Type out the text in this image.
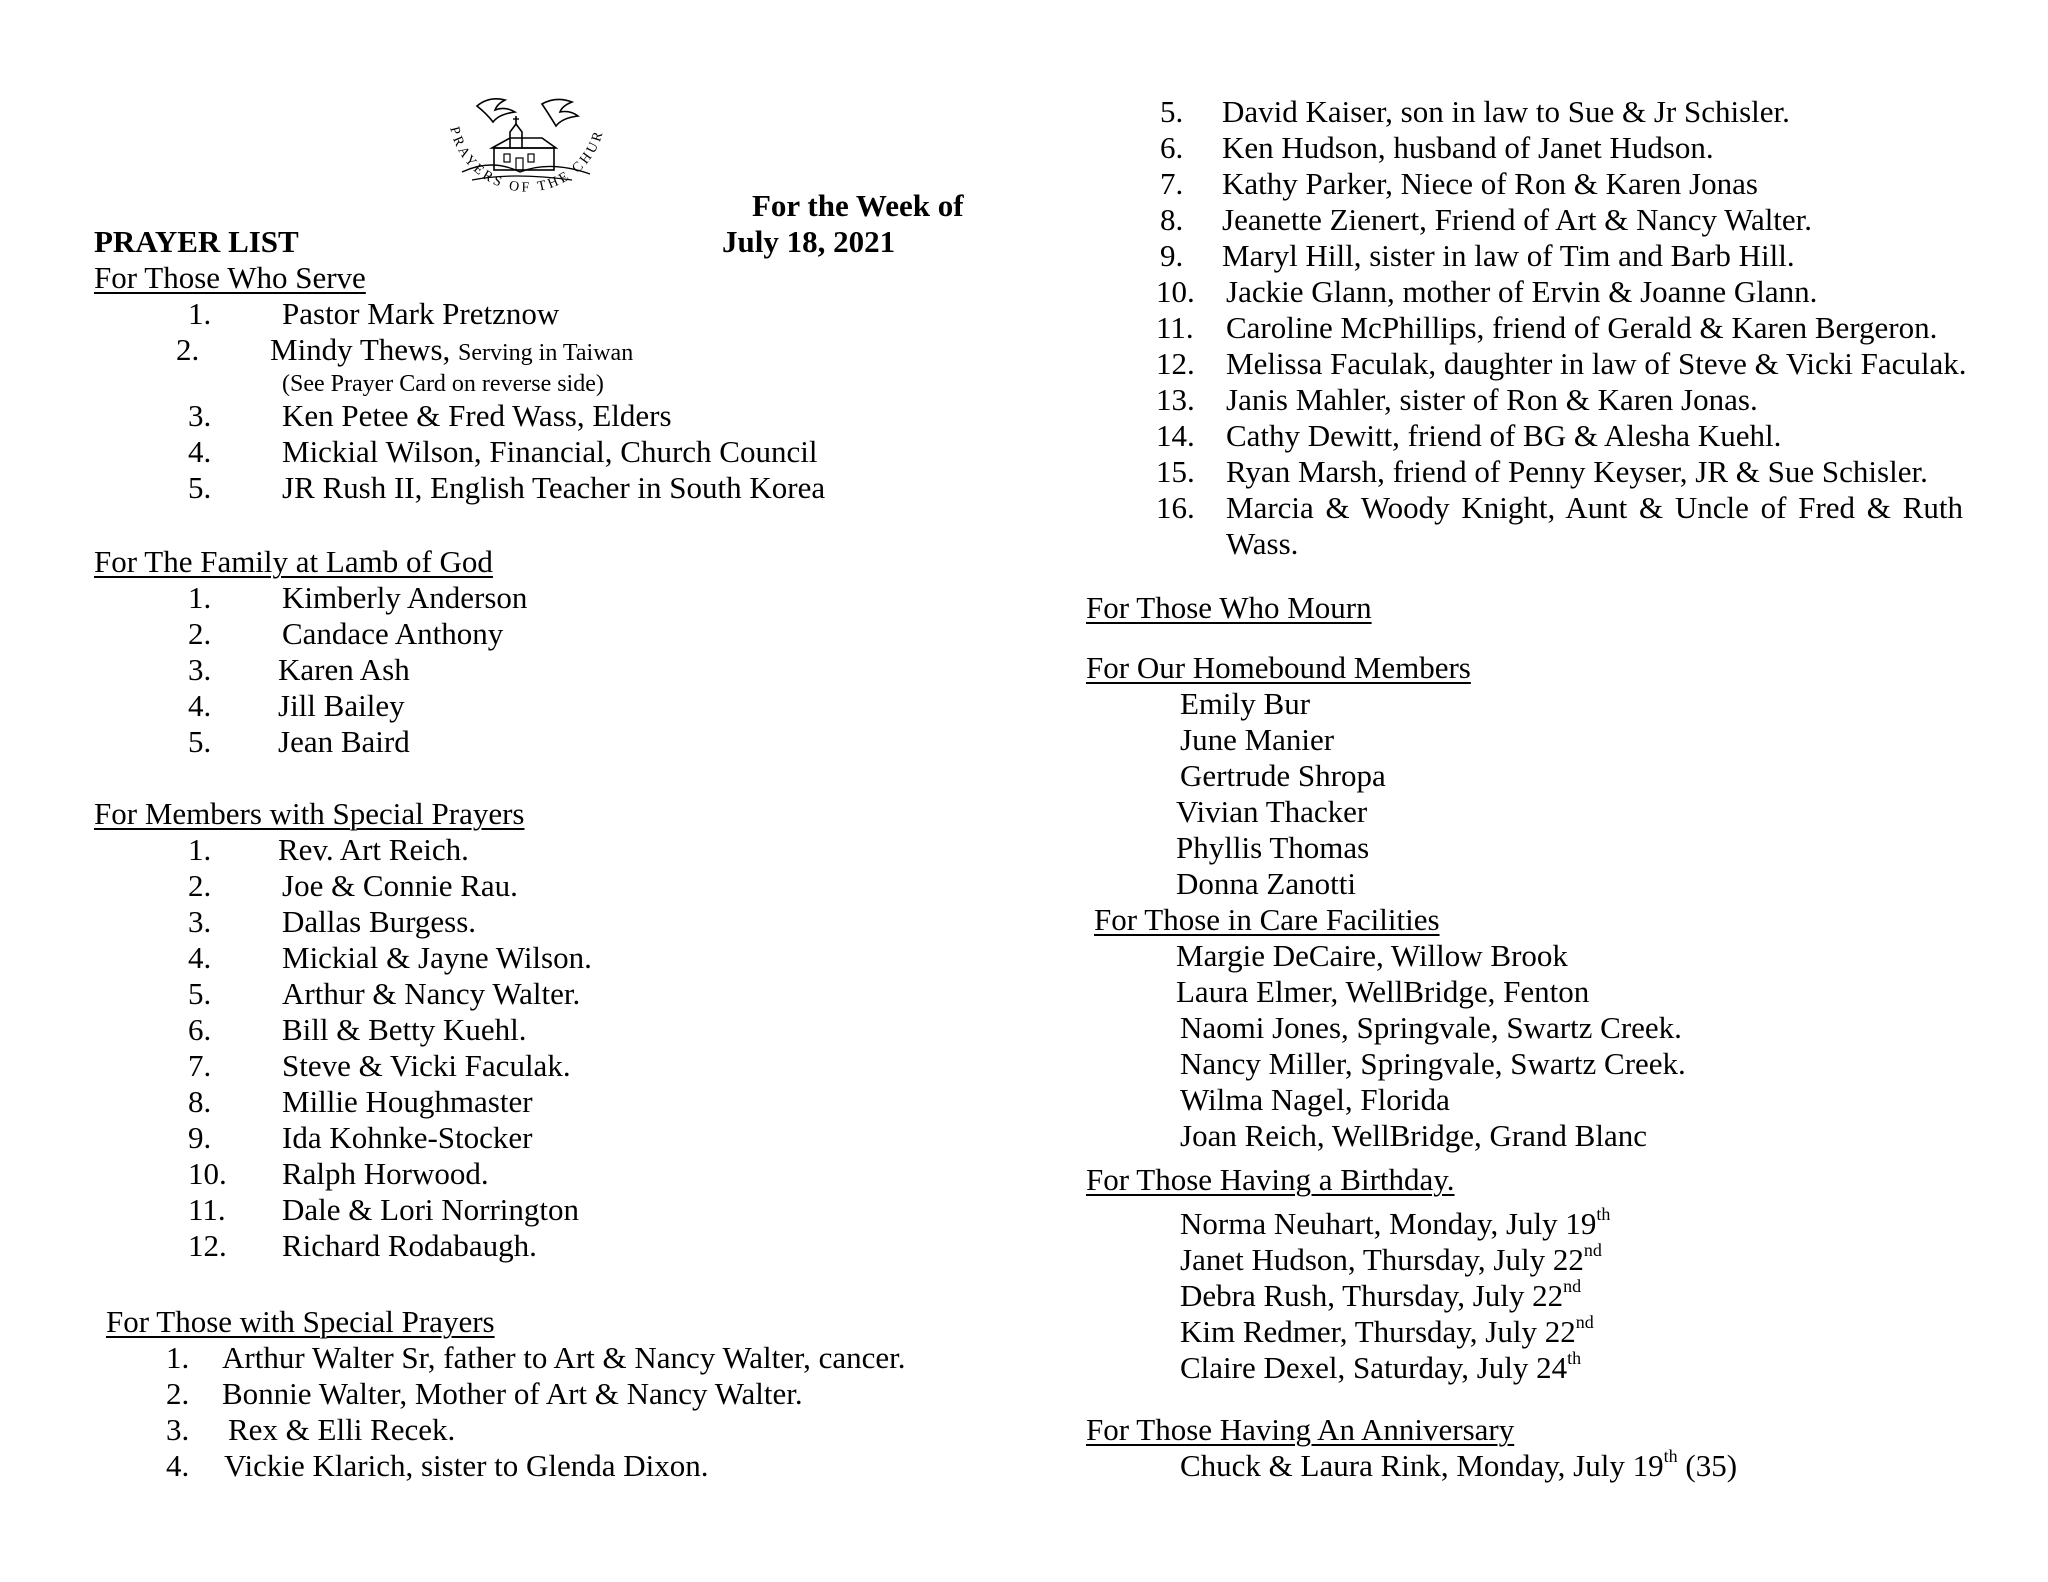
PRAYERS OF THE CHUR
PRAYER LIST
For the Week of
July 18, 2021
For Those Who Serve
1. Pastor Mark Pretznow
2. Mindy Thews, Serving in Taiwan
(See Prayer Card on reverse side)
3. Ken Petee & Fred Wass, Elders
4. Mickial Wilson, Financial, Church Council
5. JR Rush II, English Teacher in South Korea
For The Family at Lamb of God
1. Kimberly Anderson
2. Candace Anthony
3. Karen Ash
4. Jill Bailey
5. Jean Baird
For Members with Special Prayers
1. Rev. Art Reich.
2. Joe & Connie Rau.
3. Dallas Burgess.
4. Mickial & Jayne Wilson.
5. Arthur & Nancy Walter.
6. Bill & Betty Kuehl.
7. Steve & Vicki Faculak.
8. Millie Houghmaster
9. Ida Kohnke-Stocker
10. Ralph Horwood.
11. Dale & Lori Norrington
12. Richard Rodabaugh.
For Those with Special Prayers
1. Arthur Walter Sr, father to Art & Nancy Walter, cancer.
2. Bonnie Walter, Mother of Art & Nancy Walter.
3. Rex & Elli Recek.
4. Vickie Klarich, sister to Glenda Dixon.
5. David Kaiser, son in law to Sue & Jr Schisler.
6. Ken Hudson, husband of Janet Hudson.
7. Kathy Parker, Niece of Ron & Karen Jonas
8. Jeanette Zienert, Friend of Art & Nancy Walter.
9. Maryl Hill, sister in law of Tim and Barb Hill.
10. Jackie Glann, mother of Ervin & Joanne Glann.
11. Caroline McPhillips, friend of Gerald & Karen Bergeron.
12. Melissa Faculak, daughter in law of Steve & Vicki Faculak.
13. Janis Mahler, sister of Ron & Karen Jonas.
14. Cathy Dewitt, friend of BG & Alesha Kuehl.
15. Ryan Marsh, friend of Penny Keyser, JR & Sue Schisler.
16. Marcia & Woody Knight, Aunt & Uncle of Fred & Ruth
Wass.
For Those Who Mourn
For Our Homebound Members
Emily Bur
June Manier
Gertrude Shropa
Vivian Thacker
Phyllis Thomas
Donna Zanotti
For Those in Care Facilities
Margie DeCaire, Willow Brook
Laura Elmer, WellBridge, Fenton
Naomi Jones, Springvale, Swartz Creek.
Nancy Miller, Springvale, Swartz Creek.
Wilma Nagel, Florida
Joan Reich, WellBridge, Grand Blanc
For Those Having a Birthday.
Norma Neuhart, Monday, July 19th
Janet Hudson, Thursday, July 22nd
Debra Rush, Thursday, July 22nd
Kim Redmer, Thursday, July 22nd
Claire Dexel, Saturday, July 24th
For Those Having An Anniversary
Chuck & Laura Rink, Monday, July 19th (35)
